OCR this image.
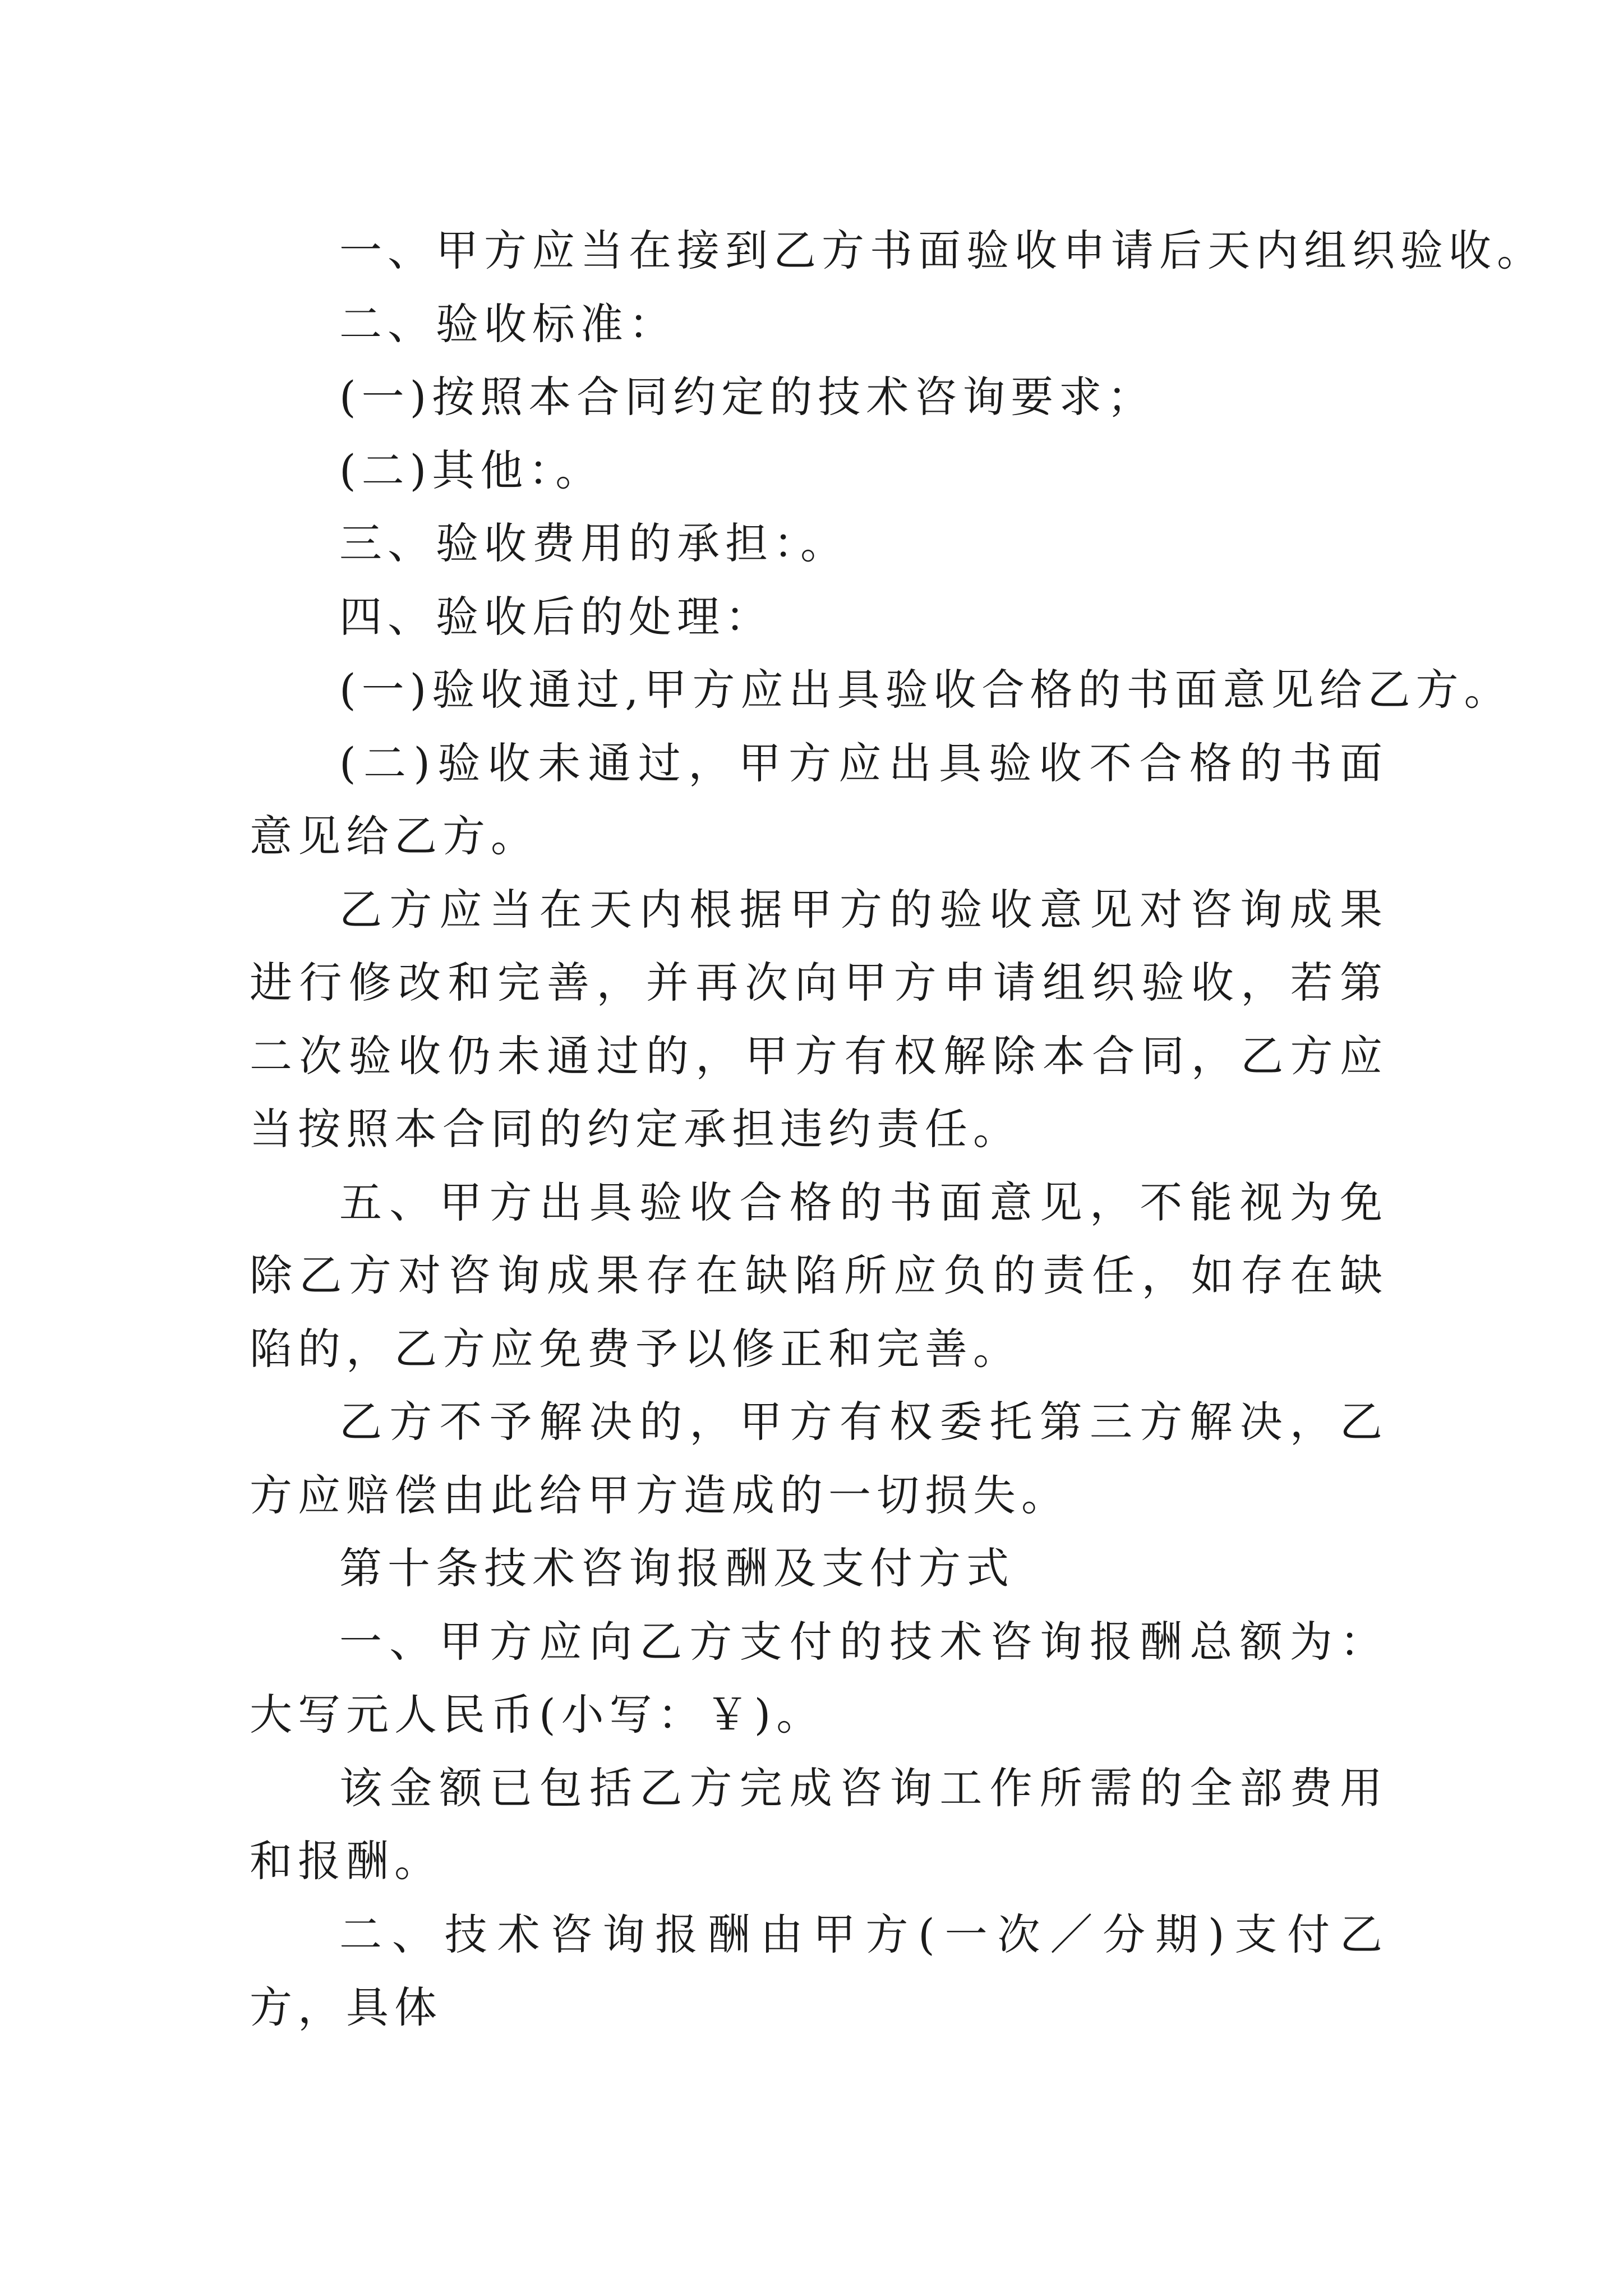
一、甲方应当在接到乙方书面验收申请后天内组织验收。

二、验收标准：

(一)按照本合同约定的技术咨询要求；

(二)其他：。

三、验收费用的承担：。

四、验收后的处理：

(一)验收通过,甲方应出具验收合格的书面意见给乙方。

(二)验收未通过，甲方应出具验收不合格的书面意见给乙方。

乙方应当在天内根据甲方的验收意见对咨询成果进行修改和完善，并再次向甲方申请组织验收，若第二次验收仍未通过的，甲方有权解除本合同，乙方应当按照本合同的约定承担违约责任。

五、甲方出具验收合格的书面意见，不能视为免除乙方对咨询成果存在缺陷所应负的责任，如存在缺陷的，乙方应免费予以修正和完善。

乙方不予解决的，甲方有权委托第三方解决，乙方应赔偿由此给甲方造成的一切损失。

第十条技术咨询报酬及支付方式

一、甲方应向乙方支付的技术咨询报酬总额为：大写元人民币(小写：￥)。

该金额已包括乙方完成咨询工作所需的全部费用和报酬。

二、技术咨询报酬由甲方(一次／分期)支付乙方，具体
